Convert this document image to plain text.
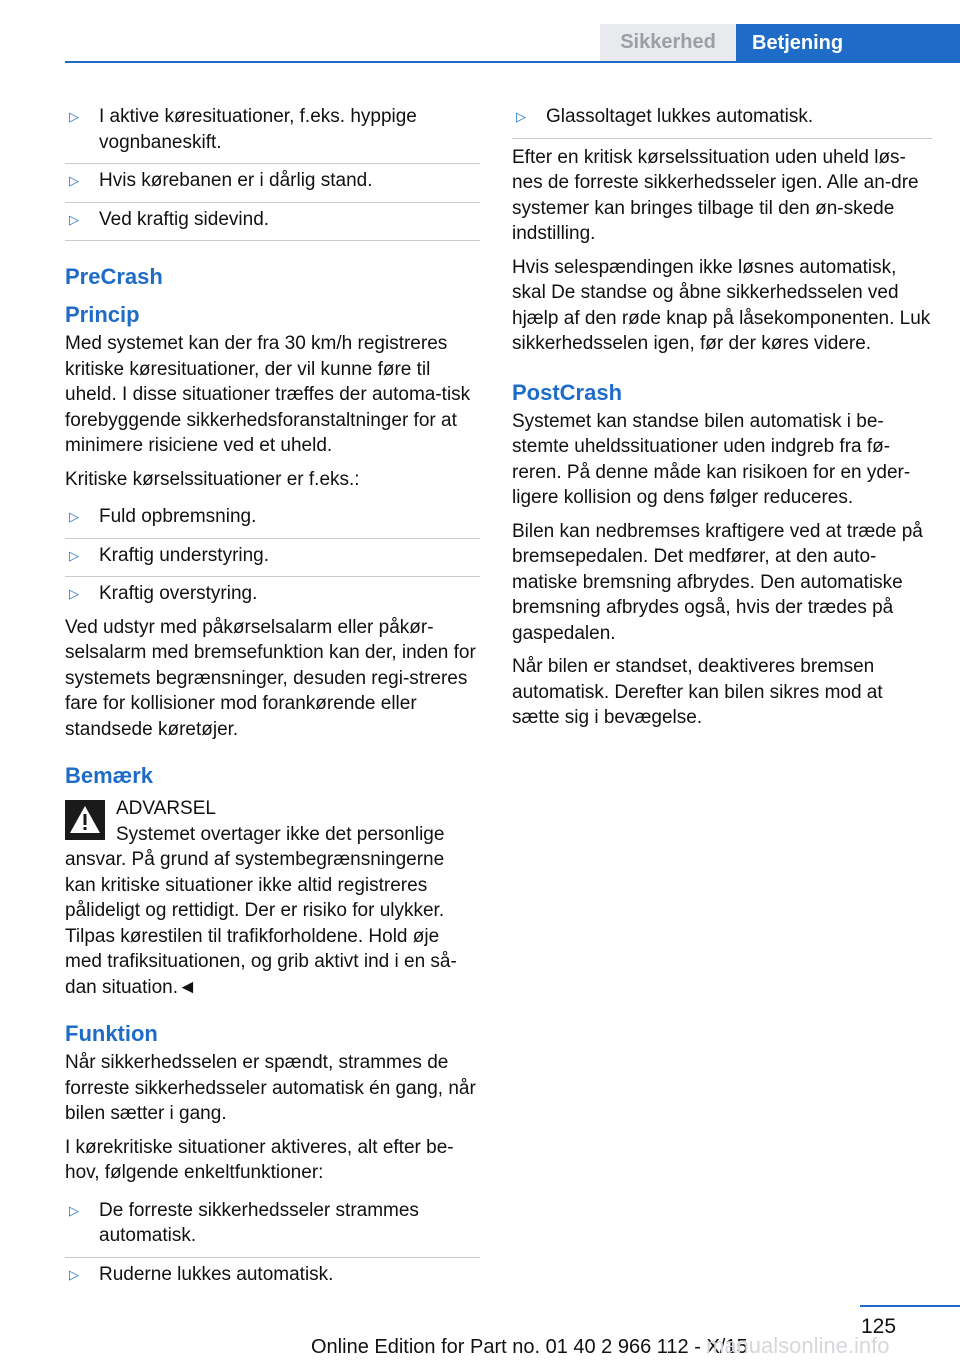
Sikkerhed	Betjening
▷	I aktive køresituationer, f.eks. hyppige vognbaneskift.
▷	Hvis kørebanen er i dårlig stand.
▷	Ved kraftig sidevind.
PreCrash
Princip

Med systemet kan der fra 30 km/h registreres kritiske køresituationer, der vil kunne føre til uheld. I disse situationer træffes der automa-tisk forebyggende sikkerhedsforanstaltninger for at minimere risiciene ved et uheld.

Kritiske kørselssituationer er f.eks.:

▷	Fuld opbremsning.
▷	Kraftig understyring.
▷	Kraftig overstyring.

Ved udstyr med påkørselsalarm eller påkør-selsalarm med bremsefunktion kan der, inden for systemets begrænsninger, desuden regi-streres fare for kollisioner mod forankørende eller standsede køretøjer.

Bemærk
ADVARSEL

Systemet overtager ikke det personlige ansvar. På grund af systembegrænsningerne kan kritiske situationer ikke altid registreres pålideligt og rettidigt. Der er risiko for ulykker. Tilpas kørestilen til trafikforholdene. Hold øje med trafiksituationen, og grib aktivt ind i en så-dan situation.◄

Funktion

Når sikkerhedsselen er spændt, strammes de forreste sikkerhedsseler automatisk én gang, når bilen sætter i gang.

I kørekritiske situationer aktiveres, alt efter be-hov, følgende enkeltfunktioner:

▷	De forreste sikkerhedsseler strammes automatisk.
▷	Ruderne lukkes automatisk.
▷	Glassoltaget lukkes automatisk.

Efter en kritisk kørselssituation uden uheld løs-nes de forreste sikkerhedsseler igen. Alle an-dre systemer kan bringes tilbage til den øn-skede indstilling.

Hvis selespændingen ikke løsnes automatisk, skal De standse og åbne sikkerhedsselen ved hjælp af den røde knap på låsekomponenten. Luk sikkerhedsselen igen, før der køres videre.

PostCrash

Systemet kan standse bilen automatisk i be-stemte uheldssituationer uden indgreb fra fø-reren. På denne måde kan risikoen for en yder-ligere kollision og dens følger reduceres.

Bilen kan nedbremses kraftigere ved at træde på bremsepedalen. Det medfører, at den auto-matiske bremsning afbrydes. Den automatiske bremsning afbrydes også, hvis der trædes på gaspedalen.

Når bilen er standset, deaktiveres bremsen automatisk. Derefter kan bilen sikres mod at sætte sig i bevægelse.

125
Online Edition for Part no. 01 40 2 966 112 - X/15
manualsonline.info
